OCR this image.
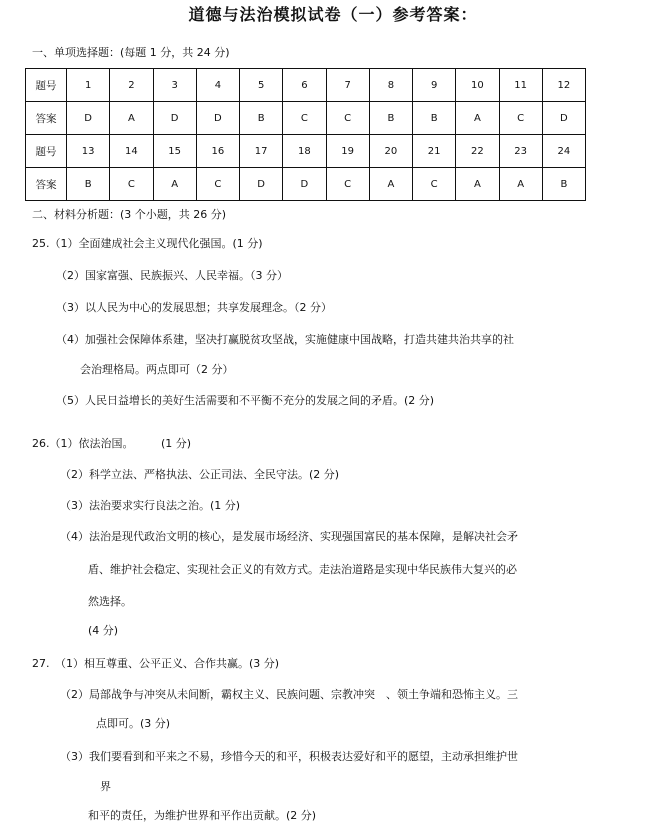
道德与法治模拟试卷（一）参考答案：
一、单项选择题：(每题 1 分，共 24 分)
题号	1	2	3	4	5	6	7	8	9	10	11	12
答案	D	A	D	D	B	C	C	B	B	A	C	D
题号	13	14	15	16	17	18	19	20	21	22	23	24
答案	B	C	A	C	D	D	C	A	C	A	A	B
二、材料分析题：(3 个小题，共 26 分)
25.（1）全面建成社会主义现代化强国。(1 分)
（2）国家富强、民族振兴、人民幸福。（3 分）
（3）以人民为中心的发展思想；共享发展理念。（2 分）
（4）加强社会保障体系建，坚决打赢脱贫攻坚战，实施健康中国战略，打造共建共治共享的社
会治理格局。两点即可（2 分）
（5）人民日益增长的美好生活需要和不平衡不充分的发展之间的矛盾。(2 分)
26.（1）依法治国。　　　(1 分)
（2）科学立法、严格执法、公正司法、全民守法。(2 分)
（3）法治要求实行良法之治。(1 分)
（4）法治是现代政治文明的核心，是发展市场经济、实现强国富民的基本保障，是解决社会矛
盾、维护社会稳定、实现社会正义的有效方式。走法治道路是实现中华民族伟大复兴的必
然选择。
(4 分)
27.　（1）相互尊重、公平正义、合作共赢。(3 分)
（2）局部战争与冲突从未间断，霸权主义、民族问题、宗教冲突　、领土争端和恐怖主义。三
点即可。(3 分)
（3）我们要看到和平来之不易，珍惜今天的和平，积极表达爱好和平的愿望，主动承担维护世
界
和平的责任，为维护世界和平作出贡献。(2 分)
